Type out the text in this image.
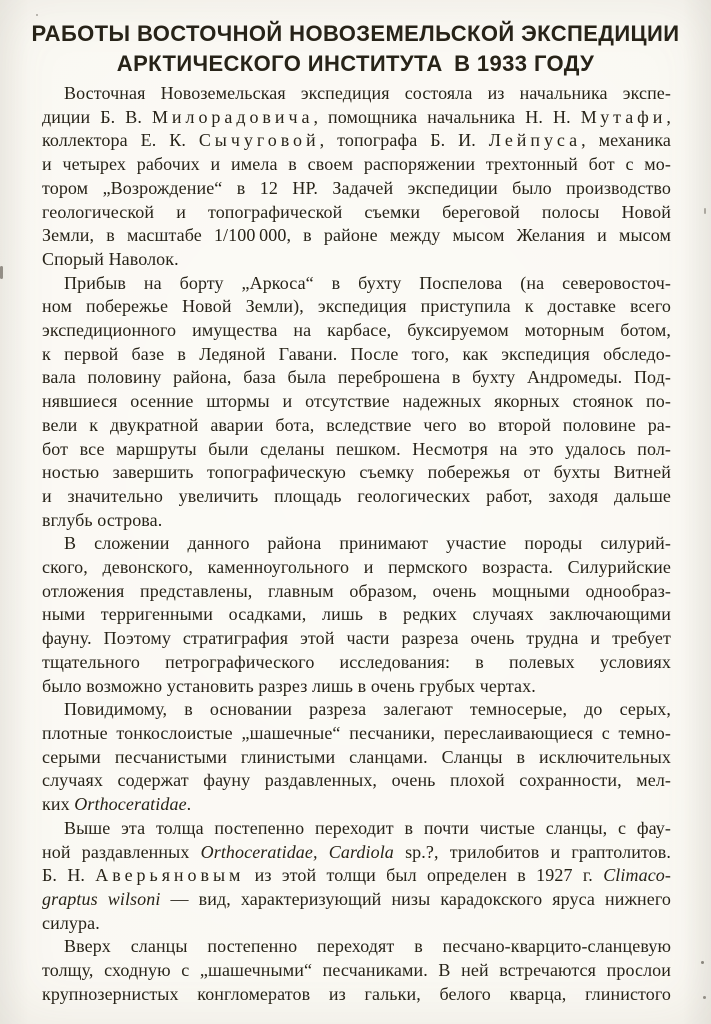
РАБОТЫ ВОСТОЧНОЙ НОВОЗЕМЕЛЬСКОЙ ЭКСПЕДИЦИИ
АРКТИЧЕСКОГО ИНСТИТУТА В 1933 ГОДУ
Восточная Новоземельская экспедиция состояла из начальника экспе-
диции Б. В. Милорадовича, помощника начальника Н. Н. Мутафи,
коллектора Е. К. Сычуговой, топографа Б. И. Лейпуса, механика
и четырех рабочих и имела в своем распоряжении трехтонный бот с мо-
тором „Возрождение“ в 12 НР. Задачей экспедиции было производство
геологической и топографической съемки береговой полосы Новой
Земли, в масштабе 1/100 000, в районе между мысом Желания и мысом
Спорый Наволок.
Прибыв на борту „Аркоса“ в бухту Поспелова (на северовосточ-
ном побережье Новой Земли), экспедиция приступила к доставке всего
экспедиционного имущества на карбасе, буксируемом моторным ботом,
к первой базе в Ледяной Гавани. После того, как экспедиция обследо-
вала половину района, база была переброшена в бухту Андромеды. Под-
нявшиеся осенние штормы и отсутствие надежных якорных стоянок по-
вели к двукратной аварии бота, вследствие чего во второй половине ра-
бот все маршруты были сделаны пешком. Несмотря на это удалось пол-
ностью завершить топографическую съемку побережья от бухты Витней
и значительно увеличить площадь геологических работ, заходя дальше
вглубь острова.
В сложении данного района принимают участие породы силурий-
ского, девонского, каменноугольного и пермского возраста. Силурийские
отложения представлены, главным образом, очень мощными однообраз-
ными терригенными осадками, лишь в редких случаях заключающими
фауну. Поэтому стратиграфия этой части разреза очень трудна и требует
тщательного петрографического исследования: в полевых условиях
было возможно установить разрез лишь в очень грубых чертах.
Повидимому, в основании разреза залегают темносерые, до серых,
плотные тонкослоистые „шашечные“ песчаники, переслаивающиеся с темно-
серыми песчанистыми глинистыми сланцами. Сланцы в исключительных
случаях содержат фауну раздавленных, очень плохой сохранности, мел-
ких Orthoceratidae.
Выше эта толща постепенно переходит в почти чистые сланцы, с фау-
ной раздавленных Orthoceratidae, Cardiola sp.?, трилобитов и граптолитов.
Б. Н. Аверьяновым из этой толщи был определен в 1927 г. Climaco-
graptus wilsoni — вид, характеризующий низы карадокского яруса нижнего
силура.
Вверх сланцы постепенно переходят в песчано-кварцито-сланцевую
толщу, сходную с „шашечными“ песчаниками. В ней встречаются прослои
крупнозернистых конгломератов из гальки, белого кварца, глинистого
